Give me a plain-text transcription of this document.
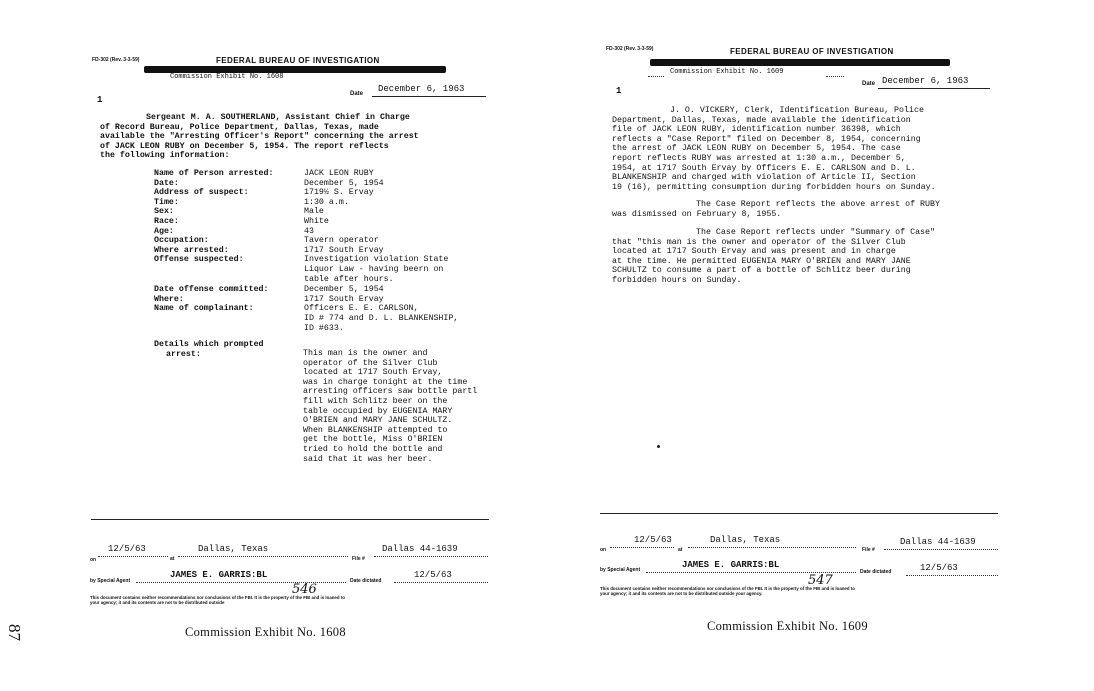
87
FD-302 (Rev. 3-3-59)	FEDERAL BUREAU OF INVESTIGATION
Commission Exhibit No. 1608
1
Date December 6, 1963
Sergeant M. A. SOUTHERLAND, Assistant Chief in Charge
of Record Bureau, Police Department, Dallas, Texas, made
available the "Arresting Officer's Report" concerning the arrest
of JACK LEON RUBY on December 5, 1954. The report reflects
the following information:
Name of Person arrested:	JACK LEON RUBY
Date:	December 5, 1954
Address of suspect:	1719½ S. Ervay
Time:	1:30 a.m.
Sex:	Male
Race:	White
Age:	43
Occupation:	Tavern operator
Where arrested:	1717 South Ervay
Offense suspected:	Investigation violation State
Liquor Law - having beern on
table after hours.
Date offense committed:	December 5, 1954
Where:	1717 South Ervay
Name of complainant:	Officers E. E. CARLSON,
ID # 774 and D. L. BLANKENSHIP,
ID #633.
Details which prompted
arrest:	This man is the owner and
operator of the Silver Club
located at 1717 South Ervay,
was in charge tonight at the time
arresting officers saw bottle partl
fill with Schlitz beer on the
table occupied by EUGENIA MARY
O'BRIEN and MARY JANE SCHULTZ.
When BLANKENSHIP attempted to
get the bottle, Miss O'BRIEN
tried to hold the bottle and
said that it was her beer.
on
12/5/63
at
Dallas, Texas
File #
Dallas 44-1639
by Special Agent
JAMES E. GARRIS:BL
Date dictated
12/5/63
546
This document contains neither recommendations nor conclusions of the FBI. It is the property of the FBI and is loaned to
your agency; it and its contents are not to be distributed outside
Commission Exhibit No. 1608
FD-302 (Rev. 3-3-59)	FEDERAL BUREAU OF INVESTIGATION
Commission Exhibit No. 1609
1
Date December 6, 1963
J. O. VICKERY, Clerk, Identification Bureau, Police
Department, Dallas, Texas, made available the identification
file of JACK LEON RUBY, identification number 36398, which
reflects a "Case Report" filed on December 8, 1954, concerning
the arrest of JACK LEON RUBY on December 5, 1954. The case
report reflects RUBY was arrested at 1:30 a.m., December 5,
1954, at 1717 South Ervay by Officers E. E. CARLSON and D. L.
BLANKENSHIP and charged with violation of Article II, Section
19 (16), permitting consumption during forbidden hours on Sunday.
The Case Report reflects the above arrest of RUBY
was dismissed on February 8, 1955.
The Case Report reflects under "Summary of Case"
that "this man is the owner and operator of the Silver Club
located at 1717 South Ervay and was present and in charge
at the time. He permitted EUGENIA MARY O'BRIEN and MARY JANE
SCHULTZ to consume a part of a bottle of Schlitz beer during
forbidden hours on Sunday.
on
12/5/63
at
Dallas, Texas
File #
Dallas 44-1639
by Special Agent	JAMES E. GARRIS:BL
Date dictated	12/5/63
547
This document contains neither recommendations nor conclusions of the FBI. It is the property of the FBI and is loaned to
your agency; it and its contents are not to be distributed outside your agency.
Commission Exhibit No. 1609
